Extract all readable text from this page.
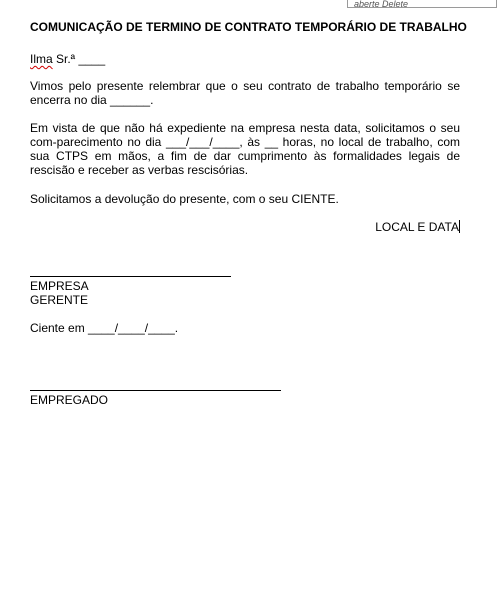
aberte Delete
COMUNICAÇÃO DE TERMINO DE CONTRATO TEMPORÁRIO DE TRABALHO
Ilma Sr.ª ____
Vimos pelo presente relembrar que o seu contrato de trabalho temporário se encerra no dia ______.
Em vista de que não há expediente na empresa nesta data, solicitamos o seu com-parecimento no dia ___/___/____, às __ horas, no local de trabalho, com sua CTPS em mãos, a fim de dar cumprimento às formalidades legais de rescisão e receber as verbas rescisórias.
Solicitamos a devolução do presente, com o seu CIENTE.
LOCAL E DATA
EMPRESA
GERENTE
Ciente em ____/____/____.
EMPREGADO
